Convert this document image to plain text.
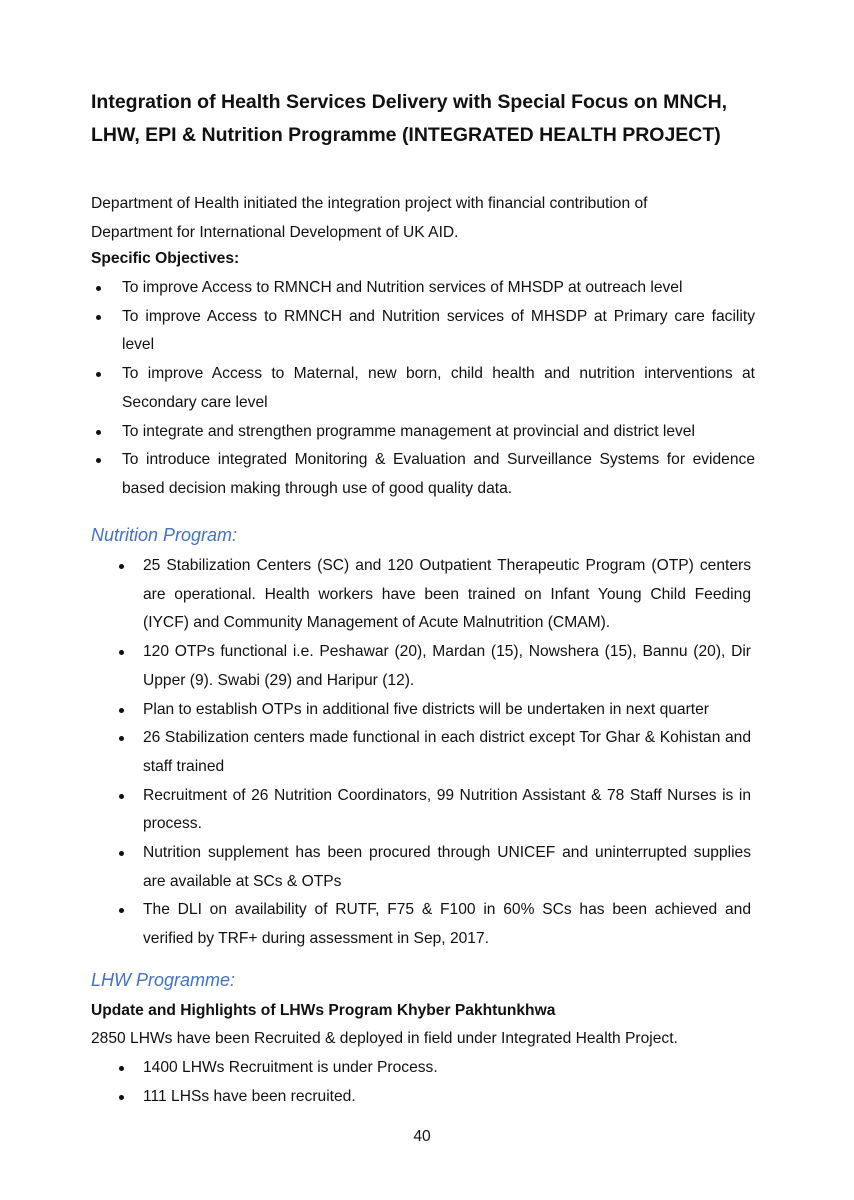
Integration of Health Services Delivery with Special Focus on MNCH, LHW, EPI & Nutrition Programme (INTEGRATED HEALTH PROJECT)

Department of Health initiated the integration project with financial contribution of Department for International Development of UK AID.

Specific Objectives:

To improve Access to RMNCH and Nutrition services of MHSDP at outreach level
To improve Access to RMNCH and Nutrition services of MHSDP at Primary care facility level
To improve Access to Maternal, new born, child health and nutrition interventions at Secondary care level
To integrate and strengthen programme management at provincial and district level
To introduce integrated Monitoring & Evaluation and Surveillance Systems for evidence based decision making through use of good quality data.
Nutrition Program:
25 Stabilization Centers (SC) and 120 Outpatient Therapeutic Program (OTP) centers are operational. Health workers have been trained on Infant Young Child Feeding (IYCF) and Community Management of Acute Malnutrition (CMAM).
120 OTPs functional i.e. Peshawar (20), Mardan (15), Nowshera (15), Bannu (20), Dir Upper (9). Swabi (29) and Haripur (12).
Plan to establish OTPs in additional five districts will be undertaken in next quarter
26 Stabilization centers made functional in each district except Tor Ghar & Kohistan and staff trained
Recruitment of 26 Nutrition Coordinators, 99 Nutrition Assistant & 78 Staff Nurses is in process.
Nutrition supplement has been procured through UNICEF and uninterrupted supplies are available at SCs & OTPs
The DLI on availability of RUTF, F75 & F100 in 60% SCs has been achieved and verified by TRF+ during assessment in Sep, 2017.
LHW Programme:

Update and Highlights of LHWs Program Khyber Pakhtunkhwa

2850 LHWs have been Recruited & deployed in field under Integrated Health Project.

1400 LHWs Recruitment is under Process.
111 LHSs have been recruited.
40
